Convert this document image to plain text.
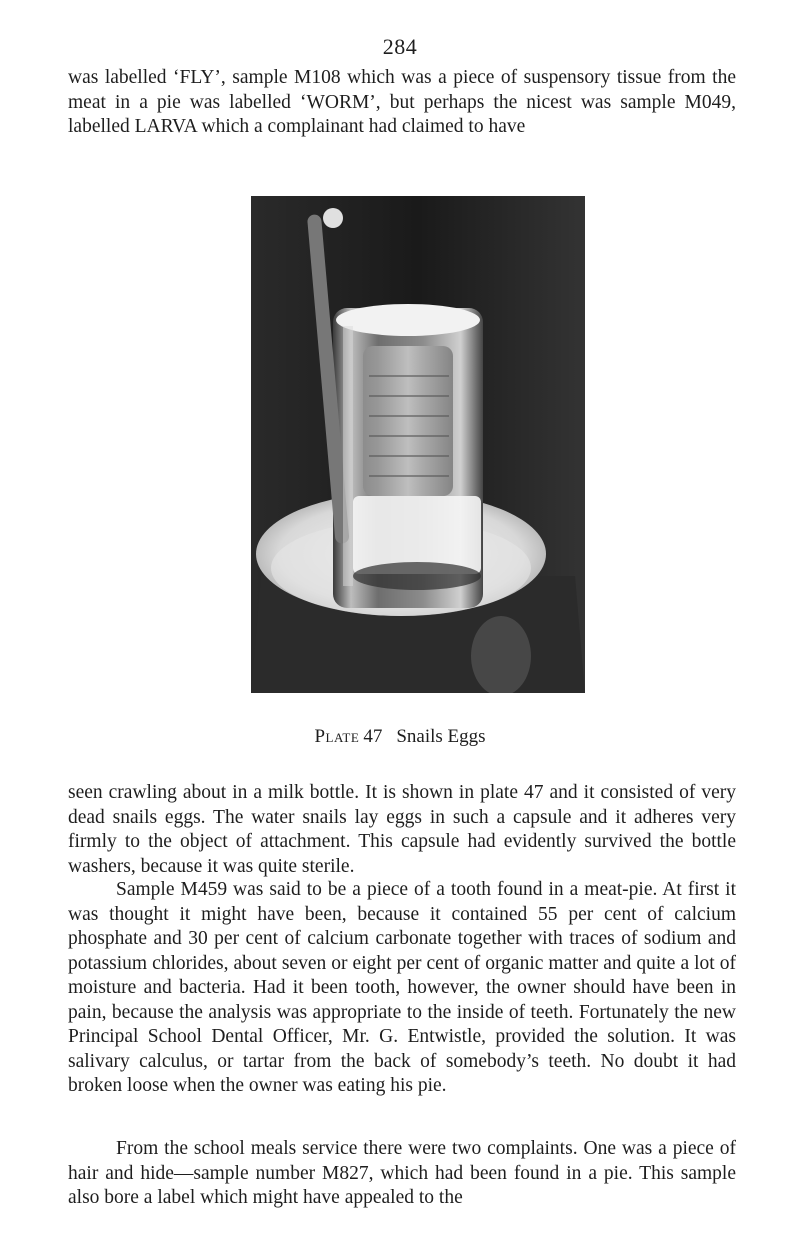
284

was labelled ‘FLY’, sample M108 which was a piece of suspensory tissue from the meat in a pie was labelled ‘WORM’, but perhaps the nicest was sample M049, labelled LARVA which a complainant had claimed to have

Plate 47 Snails Eggs

seen crawling about in a milk bottle. It is shown in plate 47 and it consisted of very dead snails eggs. The water snails lay eggs in such a capsule and it adheres very firmly to the object of attachment. This capsule had evidently survived the bottle washers, because it was quite sterile.

Sample M459 was said to be a piece of a tooth found in a meat-pie. At first it was thought it might have been, because it contained 55 per cent of calcium phosphate and 30 per cent of calcium carbonate together with traces of sodium and potassium chlorides, about seven or eight per cent of organic matter and quite a lot of moisture and bacteria. Had it been tooth, however, the owner should have been in pain, because the analysis was appropriate to the inside of teeth. Fortunately the new Principal School Dental Officer, Mr. G. Entwistle, provided the solution. It was salivary calculus, or tartar from the back of somebody’s teeth. No doubt it had broken loose when the owner was eating his pie.

From the school meals service there were two complaints. One was a piece of hair and hide—sample number M827, which had been found in a pie. This sample also bore a label which might have appealed to the
